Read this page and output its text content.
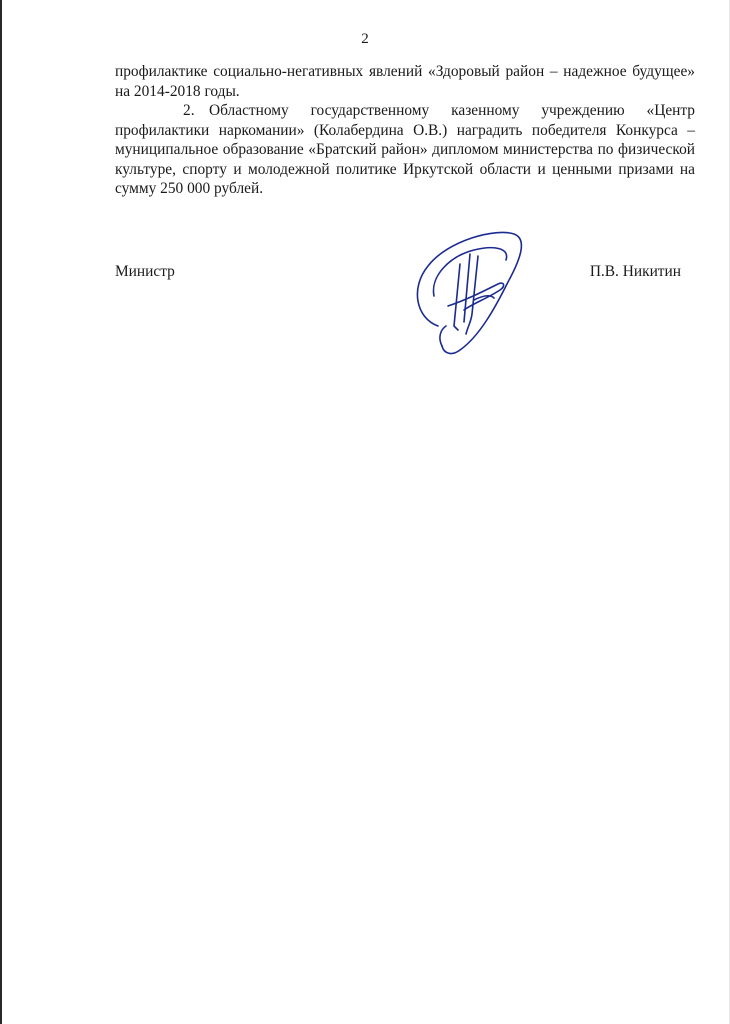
2

профилактике социально-негативных явлений «Здоровый район – надежное будущее» на 2014-2018 годы.

2. Областному государственному казенному учреждению «Центр профилактики наркомании» (Колабердина О.В.) наградить победителя Конкурса – муниципальное образование «Братский район» дипломом министерства по физической культуре, спорту и молодежной политике Иркутской области и ценными призами на сумму 250 000 рублей.

Министр	П.В. Никитин
